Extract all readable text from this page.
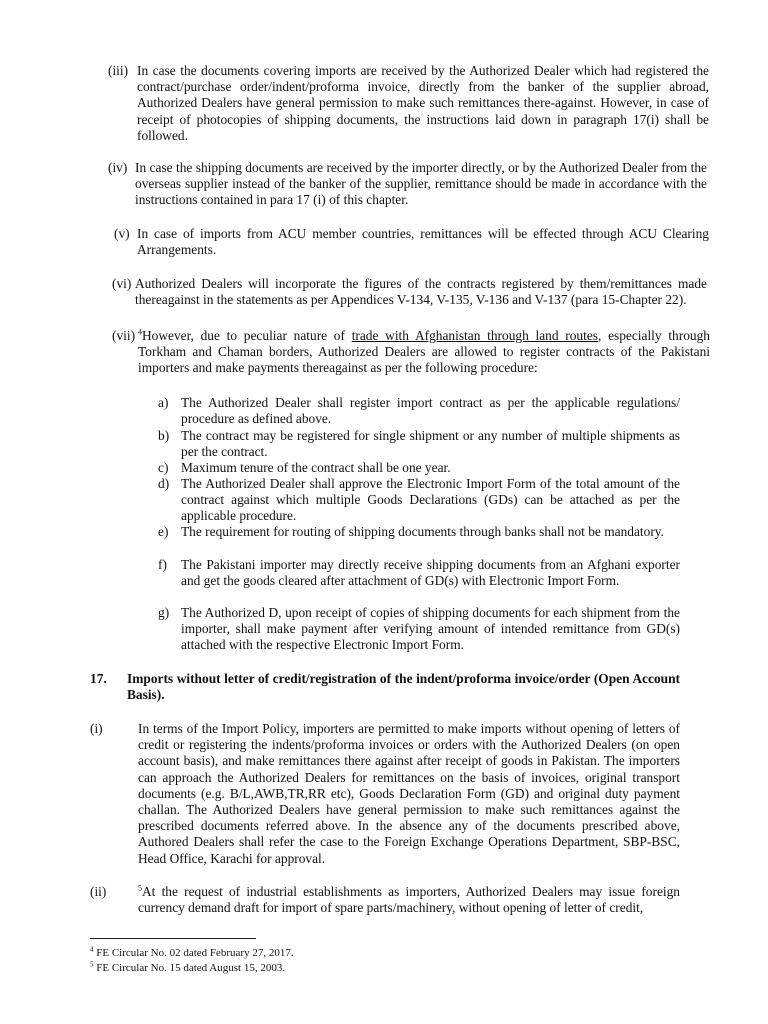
(iii) In case the documents covering imports are received by the Authorized Dealer which had registered the contract/purchase order/indent/proforma invoice, directly from the banker of the supplier abroad, Authorized Dealers have general permission to make such remittances there-against. However, in case of receipt of photocopies of shipping documents, the instructions laid down in paragraph 17(i) shall be followed.
(iv) In case the shipping documents are received by the importer directly, or by the Authorized Dealer from the overseas supplier instead of the banker of the supplier, remittance should be made in accordance with the instructions contained in para 17 (i) of this chapter.
(v) In case of imports from ACU member countries, remittances will be effected through ACU Clearing Arrangements.
(vi) Authorized Dealers will incorporate the figures of the contracts registered by them/remittances made thereagainst in the statements as per Appendices V-134, V-135, V-136 and V-137 (para 15-Chapter 22).
(vii) $^4$However, due to peculiar nature of trade with Afghanistan through land routes, especially through Torkham and Chaman borders, Authorized Dealers are allowed to register contracts of the Pakistani importers and make payments thereagainst as per the following procedure:
a) The Authorized Dealer shall register import contract as per the applicable regulations/ procedure as defined above.
b) The contract may be registered for single shipment or any number of multiple shipments as per the contract.
c) Maximum tenure of the contract shall be one year.
d) The Authorized Dealer shall approve the Electronic Import Form of the total amount of the contract against which multiple Goods Declarations (GDs) can be attached as per the applicable procedure.
e) The requirement for routing of shipping documents through banks shall not be mandatory.
f)	The Pakistani importer may directly receive shipping documents from an Afghani exporter and get the goods cleared after attachment of GD(s) with Electronic Import Form.
g) The Authorized D, upon receipt of copies of shipping documents for each shipment from the importer, shall make payment after verifying amount of intended remittance from GD(s) attached with the respective Electronic Import Form.
17.	Imports without letter of credit/registration of the indent/proforma invoice/order (Open Account Basis).
(i)	In terms of the Import Policy, importers are permitted to make imports without opening of letters of credit or registering the indents/proforma invoices or orders with the Authorized Dealers (on open account basis), and make remittances there against after receipt of goods in Pakistan. The importers can approach the Authorized Dealers for remittances on the basis of invoices, original transport documents (e.g. B/L,AWB,TR,RR etc), Goods Declaration Form (GD) and original duty payment challan. The Authorized Dealers have general permission to make such remittances against the prescribed documents referred above. In the absence any of the documents prescribed above, Authored Dealers shall refer the case to the Foreign Exchange Operations Department, SBP-BSC, Head Office, Karachi for approval.
(ii)	$^5$At the request of industrial establishments as importers, Authorized Dealers may issue foreign currency demand draft for import of spare parts/machinery, without opening of letter of credit,
$^4$ FE Circular No. 02 dated February 27, 2017.
$^5$ FE Circular No. 15 dated August 15, 2003.
